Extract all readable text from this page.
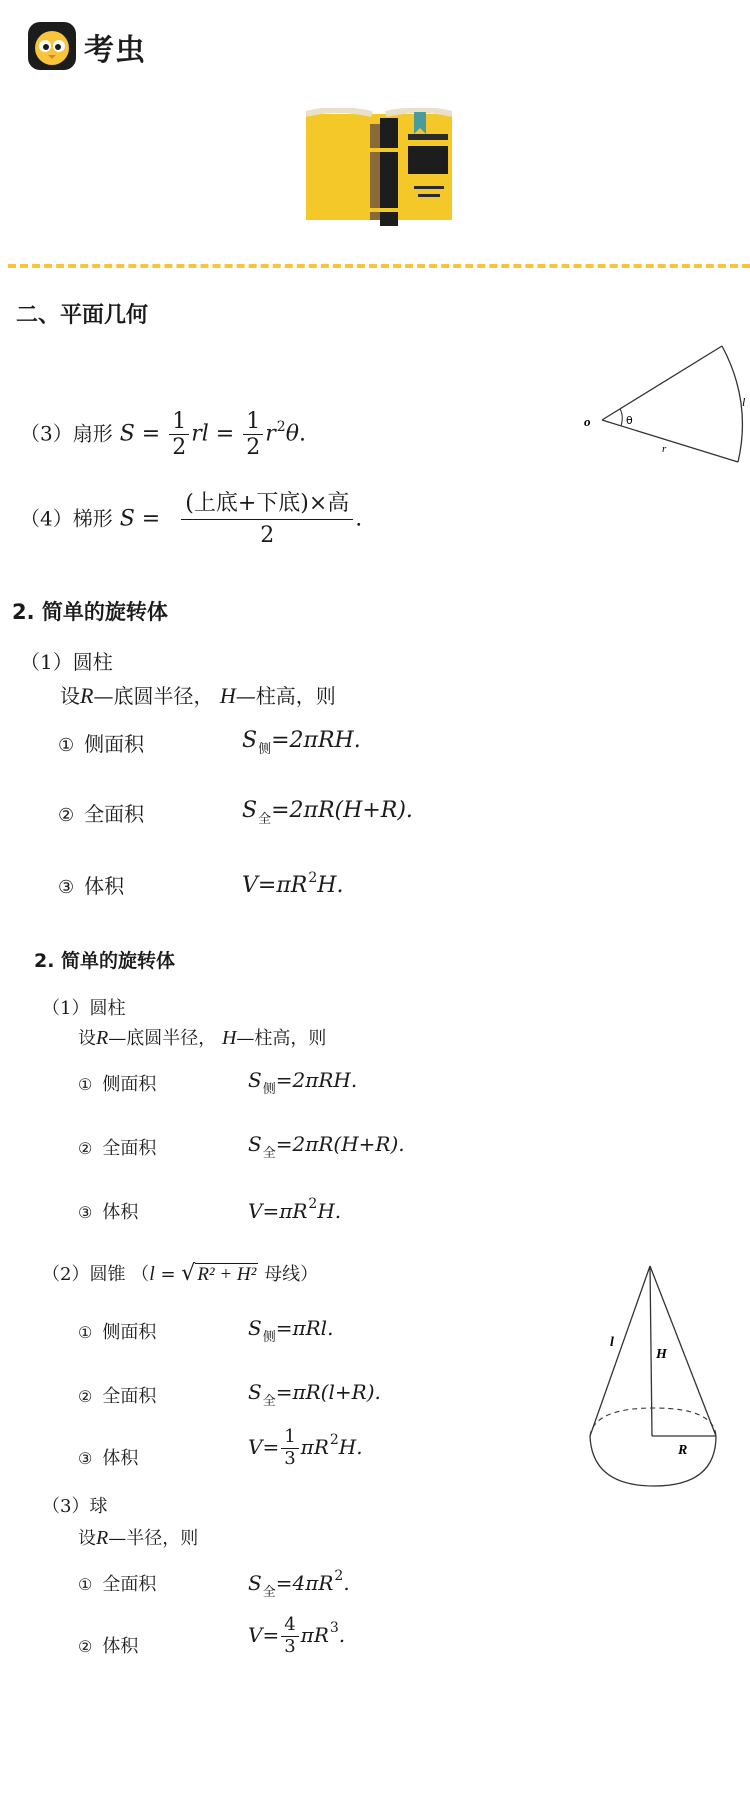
考虫
二、平面几何
（3）扇形 $S = \frac{1}{2}$ rl = $\frac{1}{2} r^2\theta$.
o	θ
l
r
（4）梯形 $S = \frac{\text{(上底+下底)×高}}{2}$ .
2. 简单的旋转体
（1）圆柱
设R—底圆半径， H—柱高，则
① 侧面积	$S_侧=2\pi RH$.
② 全面积	$S_全=2\pi R(H+R)$.
③ 体积	$V=\pi R^2H$.
2. 简单的旋转体
（1）圆柱
设R—底圆半径， H—柱高，则
① 侧面积	$S_侧=2\pi RH$.
② 全面积	$S_全=2\pi R(H+R)$.
③ 体积	$V=\pi R^2H$.
（2）圆锥 （l = √ R² + H² 母线）
① 侧面积	$S_侧=\pi Rl$.
② 全面积	$S_全=\pi R(l+R)$.
③ 体积	$V= \frac{1}{3} \pi R^2H$.
l
H
R
（3）球
设R—半径，则
① 全面积	$S_全=4\pi R^2$.
② 体积	$V= \frac{4}{3} \pi R^3$.
